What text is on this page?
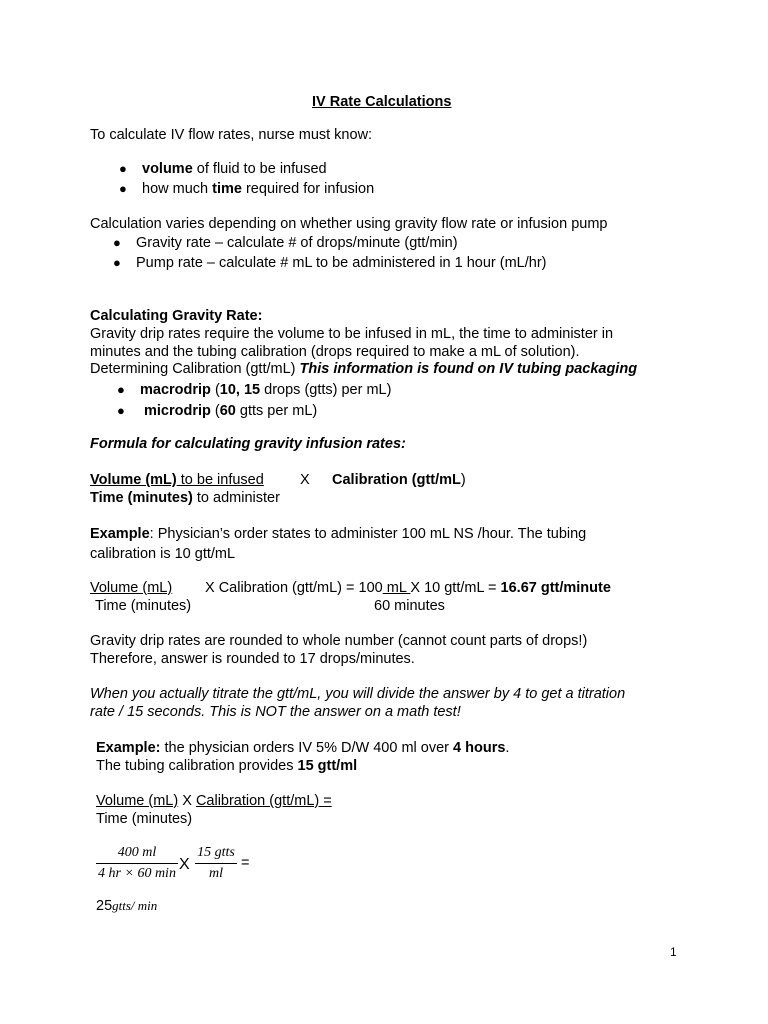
IV Rate Calculations
To calculate IV flow rates, nurse must know:
● volume of fluid to be infused
● how much time required for infusion
Calculation varies depending on whether using gravity flow rate or infusion pump
● Gravity rate – calculate # of drops/minute (gtt/min)
● Pump rate – calculate # mL to be administered in 1 hour (mL/hr)
Calculating Gravity Rate:
Gravity drip rates require the volume to be infused in mL, the time to administer in
minutes and the tubing calibration (drops required to make a mL of solution).
Determining Calibration (gtt/mL) This information is found on IV tubing packaging
● macrodrip (10, 15 drops (gtts) per mL)
● microdrip (60 gtts per mL)
Formula for calculating gravity infusion rates:
Volume (mL) to be infused X Calibration (gtt/mL)
Time (minutes) to administer
Example: Physician’s order states to administer 100 mL NS /hour. The tubing
calibration is 10 gtt/mL
Volume (mL) X Calibration (gtt/mL) = 100 mL X 10 gtt/mL = 16.67 gtt/minute
Time (minutes)	60 minutes
Gravity drip rates are rounded to whole number (cannot count parts of drops!)
Therefore, answer is rounded to 17 drops/minutes.
When you actually titrate the gtt/mL, you will divide the answer by 4 to get a titration
rate / 15 seconds. This is NOT the answer on a math test!
Example: the physician orders IV 5% D/W 400 ml over 4 hours.
The tubing calibration provides 15 gtt/ml
Volume (mL) X Calibration (gtt/mL) =
Time (minutes)
400 ml
4 hr × 60 min
X
15 gtts
ml
=
25gtts/ min
1
